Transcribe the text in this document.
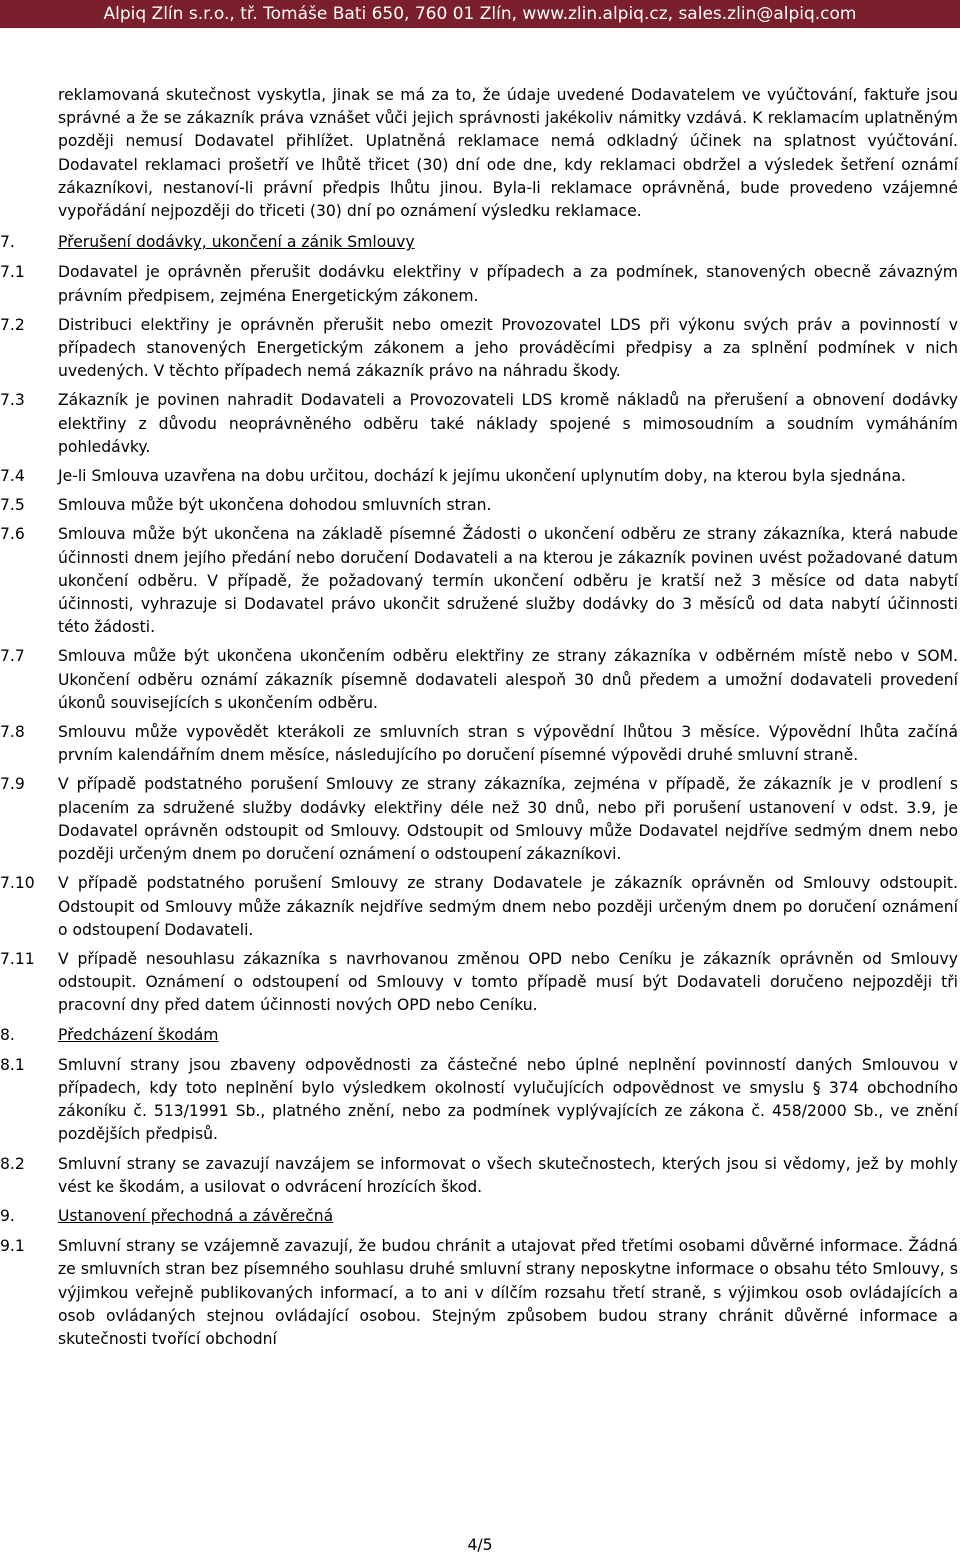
Alpiq Zlín s.r.o., tř. Tomáše Bati 650, 760 01 Zlín, www.zlin.alpiq.cz, sales.zlin@alpiq.com

reklamovaná skutečnost vyskytla, jinak se má za to, že údaje uvedené Dodavatelem ve vyúčtování, faktuře jsou správné a že se zákazník práva vznášet vůči jejich správnosti jakékoliv námitky vzdává. K reklamacím uplatněným později nemusí Dodavatel přihlížet. Uplatněná reklamace nemá odkladný účinek na splatnost vyúčtování. Dodavatel reklamaci prošetří ve lhůtě třicet (30) dní ode dne, kdy reklamaci obdržel a výsledek šetření oznámí zákazníkovi, nestanoví-li právní předpis lhůtu jinou. Byla-li reklamace oprávněná, bude provedeno vzájemné vypořádání nejpozději do třiceti (30) dní po oznámení výsledku reklamace.

7.	Přerušení dodávky, ukončení a zánik Smlouvy
7.1	Dodavatel je oprávněn přerušit dodávku elektřiny v případech a za podmínek, stanovených obecně závazným právním předpisem, zejména Energetickým zákonem.
7.2	Distribuci elektřiny je oprávněn přerušit nebo omezit Provozovatel LDS při výkonu svých práv a povinností v případech stanovených Energetickým zákonem a jeho prováděcími předpisy a za splnění podmínek v nich uvedených. V těchto případech nemá zákazník právo na náhradu škody.
7.3	Zákazník je povinen nahradit Dodavateli a Provozovateli LDS kromě nákladů na přerušení a obnovení dodávky elektřiny z důvodu neoprávněného odběru také náklady spojené s mimosoudním a soudním vymáháním pohledávky.
7.4	Je-li Smlouva uzavřena na dobu určitou, dochází k jejímu ukončení uplynutím doby, na kterou byla sjednána.
7.5	Smlouva může být ukončena dohodou smluvních stran.
7.6	Smlouva může být ukončena na základě písemné Žádosti o ukončení odběru ze strany zákazníka, která nabude účinnosti dnem jejího předání nebo doručení Dodavateli a na kterou je zákazník povinen uvést požadované datum ukončení odběru. V případě, že požadovaný termín ukončení odběru je kratší než 3 měsíce od data nabytí účinnosti, vyhrazuje si Dodavatel právo ukončit sdružené služby dodávky do 3 měsíců od data nabytí účinnosti této žádosti.
7.7	Smlouva může být ukončena ukončením odběru elektřiny ze strany zákazníka v odběrném místě nebo v SOM. Ukončení odběru oznámí zákazník písemně dodavateli alespoň 30 dnů předem a umožní dodavateli provedení úkonů souvisejících s ukončením odběru.
7.8	Smlouvu může vypovědět kterákoli ze smluvních stran s výpovědní lhůtou 3 měsíce. Výpovědní lhůta začíná prvním kalendářním dnem měsíce, následujícího po doručení písemné výpovědi druhé smluvní straně.
7.9	V případě podstatného porušení Smlouvy ze strany zákazníka, zejména v případě, že zákazník je v prodlení s placením za sdružené služby dodávky elektřiny déle než 30 dnů, nebo při porušení ustanovení v odst. 3.9, je Dodavatel oprávněn odstoupit od Smlouvy. Odstoupit od Smlouvy může Dodavatel nejdříve sedmým dnem nebo později určeným dnem po doručení oznámení o odstoupení zákazníkovi.
7.10	V případě podstatného porušení Smlouvy ze strany Dodavatele je zákazník oprávněn od Smlouvy odstoupit. Odstoupit od Smlouvy může zákazník nejdříve sedmým dnem nebo později určeným dnem po doručení oznámení o odstoupení Dodavateli.
7.11	V případě nesouhlasu zákazníka s navrhovanou změnou OPD nebo Ceníku je zákazník oprávněn od Smlouvy odstoupit. Oznámení o odstoupení od Smlouvy v tomto případě musí být Dodavateli doručeno nejpozději tři pracovní dny před datem účinnosti nových OPD nebo Ceníku.
8.	Předcházení škodám
8.1	Smluvní strany jsou zbaveny odpovědnosti za částečné nebo úplné neplnění povinností daných Smlouvou v případech, kdy toto neplnění bylo výsledkem okolností vylučujících odpovědnost ve smyslu § 374 obchodního zákoníku č. 513/1991 Sb., platného znění, nebo za podmínek vyplývajících ze zákona č. 458/2000 Sb., ve znění pozdějších předpisů.
8.2	Smluvní strany se zavazují navzájem se informovat o všech skutečnostech, kterých jsou si vědomy, jež by mohly vést ke škodám, a usilovat o odvrácení hrozících škod.
9.	Ustanovení přechodná a závěrečná
9.1	Smluvní strany se vzájemně zavazují, že budou chránit a utajovat před třetími osobami důvěrné informace. Žádná ze smluvních stran bez písemného souhlasu druhé smluvní strany neposkytne informace o obsahu této Smlouvy, s výjimkou veřejně publikovaných informací, a to ani v dílčím rozsahu třetí straně, s výjimkou osob ovládajících a osob ovládaných stejnou ovládající osobou. Stejným způsobem budou strany chránit důvěrné informace a skutečnosti tvořící obchodní
4/5
